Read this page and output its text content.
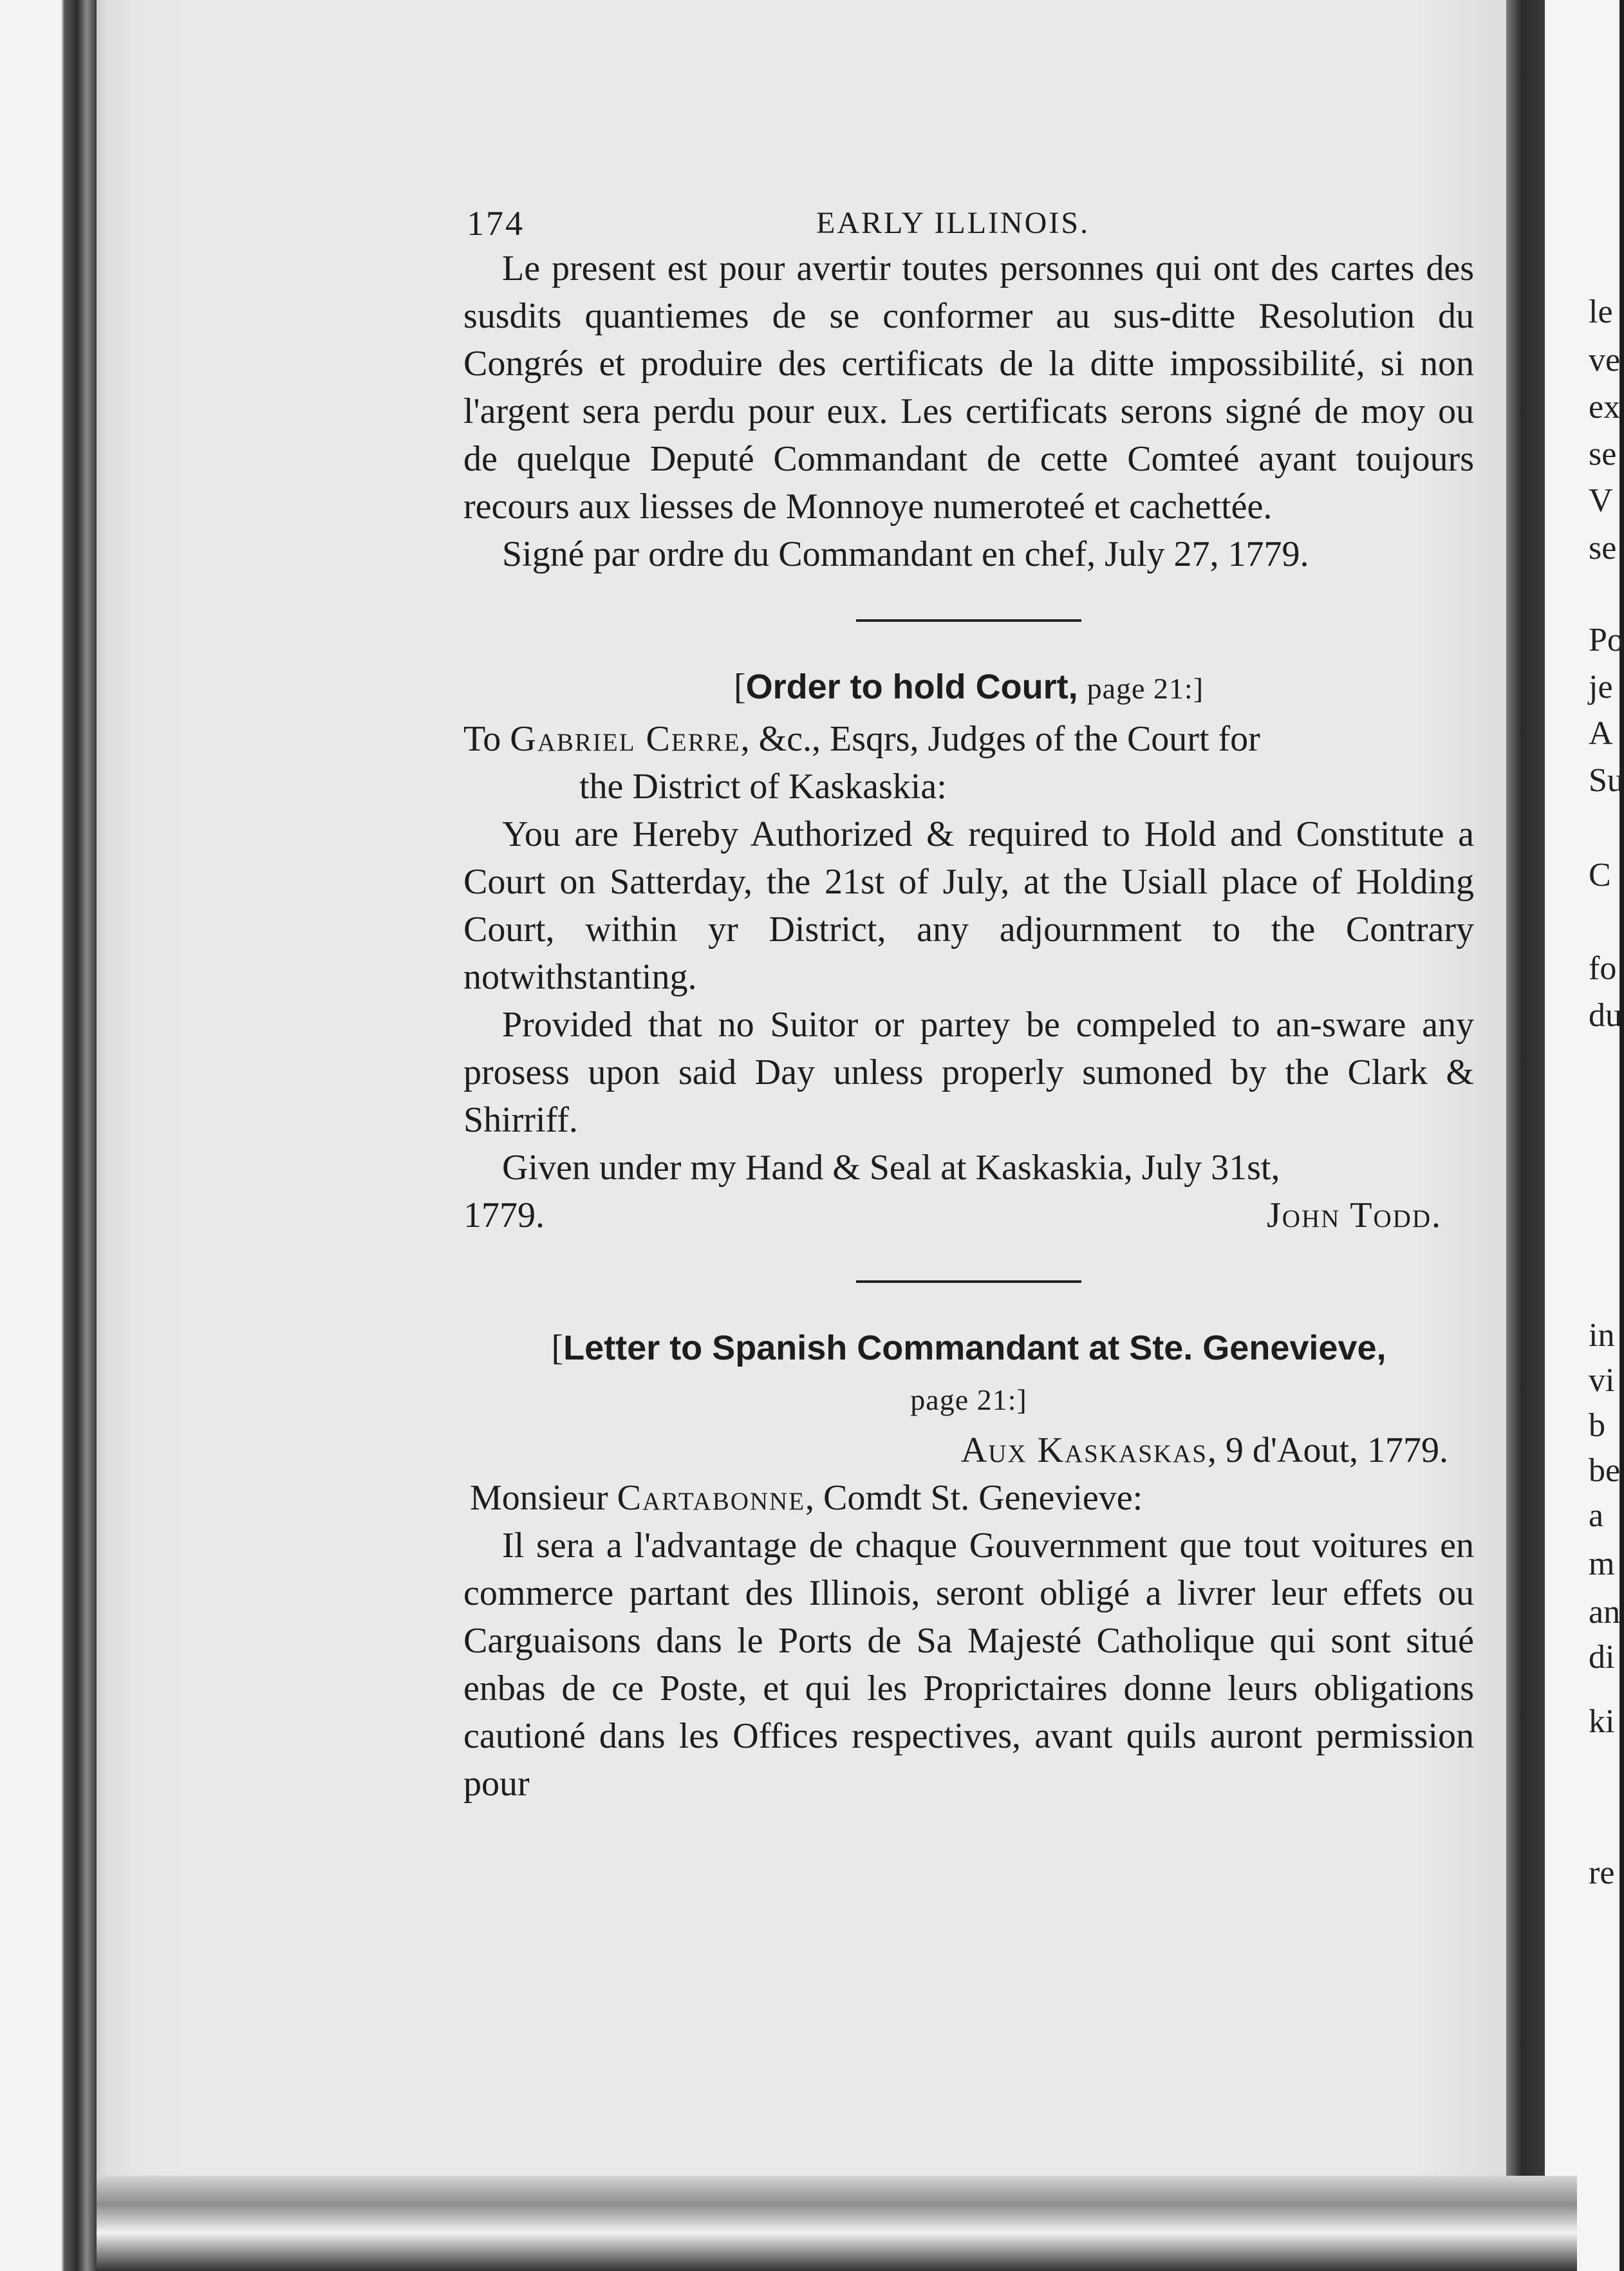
le
ve
ex
se
V
se
Po
je
A
Su
C
fo
du
in
vi
b
be
a
m
an
di
ki
re
174	EARLY ILLINOIS.

Le present est pour avertir toutes personnes qui ont des cartes des susdits quantiemes de se conformer au sus-ditte Resolution du Congrés et produire des certificats de la ditte impossibilité, si non l'argent sera perdu pour eux. Les certificats serons signé de moy ou de quelque Deputé Commandant de cette Comteé ayant toujours recours aux liesses de Monnoye numeroteé et cachettée.

Signé par ordre du Commandant en chef, July 27, 1779.

[Order to hold Court, page 21:]

To Gabriel Cerre, &c., Esqrs, Judges of the Court for

the District of Kaskaskia:

You are Hereby Authorized & required to Hold and Constitute a Court on Satterday, the 21st of July, at the Usiall place of Holding Court, within yr District, any adjournment to the Contrary notwithstanting.

Provided that no Suitor or partey be compeled to an-sware any prosess upon said Day unless properly sumoned by the Clark & Shirriff.

Given under my Hand & Seal at Kaskaskia, July 31st,

1779.	John Todd.

[Letter to Spanish Commandant at Ste. Genevieve,

page 21:]

Aux Kaskaskas, 9 d'Aout, 1779.

Monsieur Cartabonne, Comdt St. Genevieve:

Il sera a l'advantage de chaque Gouvernment que tout voitures en commerce partant des Illinois, seront obligé a livrer leur effets ou Carguaisons dans le Ports de Sa Majesté Catholique qui sont situé enbas de ce Poste, et qui les Proprictaires donne leurs obligations cautioné dans les Offices respectives, avant quils auront permission pour
